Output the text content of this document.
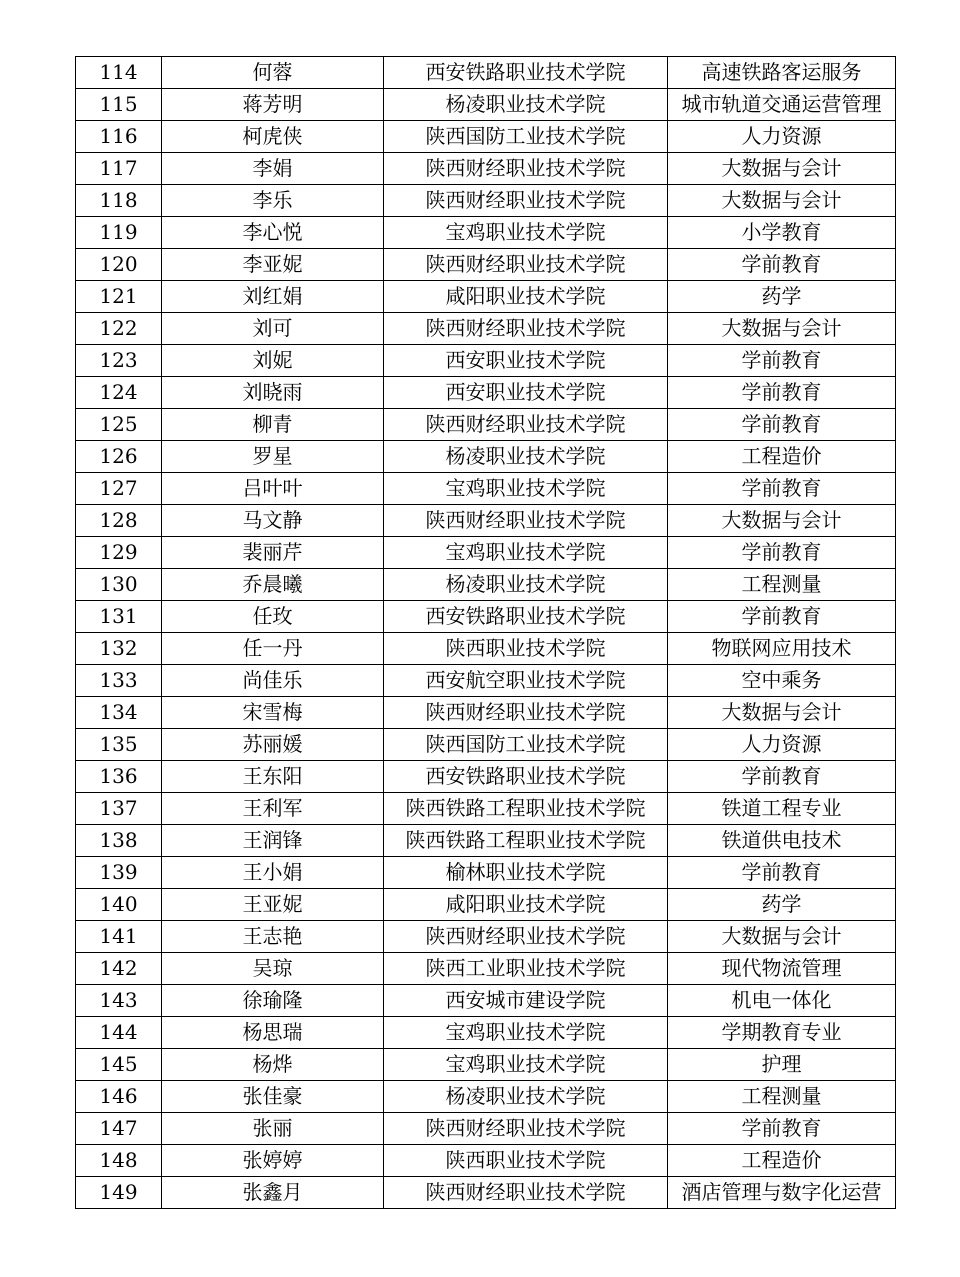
114	何蓉	西安铁路职业技术学院	高速铁路客运服务
115	蒋芳明	杨凌职业技术学院	城市轨道交通运营管理
116	柯虎侠	陕西国防工业技术学院	人力资源
117	李娟	陕西财经职业技术学院	大数据与会计
118	李乐	陕西财经职业技术学院	大数据与会计
119	李心悦	宝鸡职业技术学院	小学教育
120	李亚妮	陕西财经职业技术学院	学前教育
121	刘红娟	咸阳职业技术学院	药学
122	刘可	陕西财经职业技术学院	大数据与会计
123	刘妮	西安职业技术学院	学前教育
124	刘晓雨	西安职业技术学院	学前教育
125	柳青	陕西财经职业技术学院	学前教育
126	罗星	杨凌职业技术学院	工程造价
127	吕叶叶	宝鸡职业技术学院	学前教育
128	马文静	陕西财经职业技术学院	大数据与会计
129	裴丽芹	宝鸡职业技术学院	学前教育
130	乔晨曦	杨凌职业技术学院	工程测量
131	任玫	西安铁路职业技术学院	学前教育
132	任一丹	陕西职业技术学院	物联网应用技术
133	尚佳乐	西安航空职业技术学院	空中乘务
134	宋雪梅	陕西财经职业技术学院	大数据与会计
135	苏丽媛	陕西国防工业技术学院	人力资源
136	王东阳	西安铁路职业技术学院	学前教育
137	王利军	陕西铁路工程职业技术学院	铁道工程专业
138	王润锋	陕西铁路工程职业技术学院	铁道供电技术
139	王小娟	榆林职业技术学院	学前教育
140	王亚妮	咸阳职业技术学院	药学
141	王志艳	陕西财经职业技术学院	大数据与会计
142	吴琼	陕西工业职业技术学院	现代物流管理
143	徐瑜隆	西安城市建设学院	机电一体化
144	杨思瑞	宝鸡职业技术学院	学期教育专业
145	杨烨	宝鸡职业技术学院	护理
146	张佳豪	杨凌职业技术学院	工程测量
147	张丽	陕西财经职业技术学院	学前教育
148	张婷婷	陕西职业技术学院	工程造价
149	张鑫月	陕西财经职业技术学院	酒店管理与数字化运营
